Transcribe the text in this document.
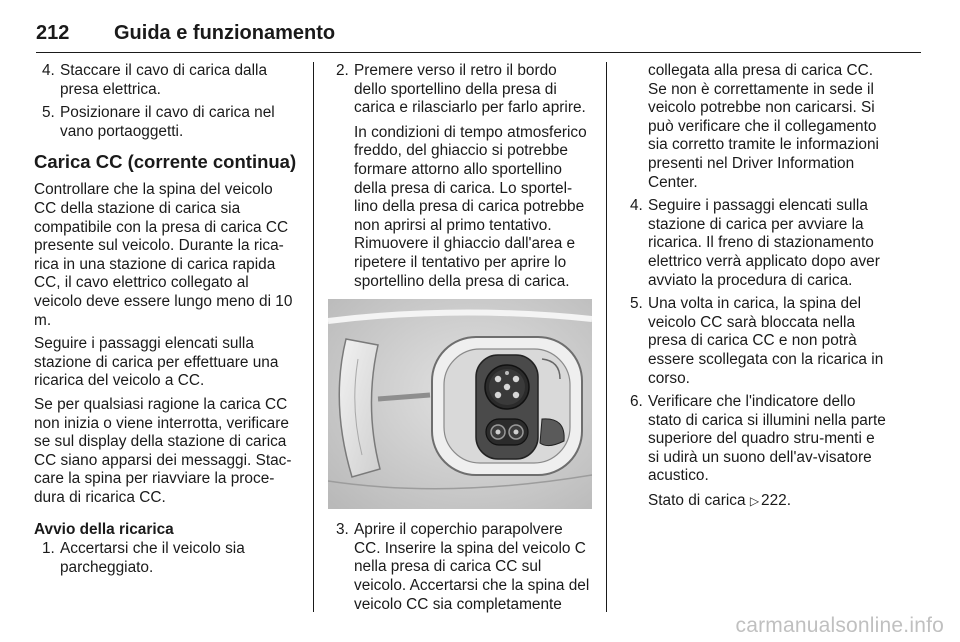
212 Guida e funzionamento
4. Staccare il cavo di carica dalla presa elettrica.
5. Posizionare il cavo di carica nel vano portaoggetti.
Carica CC (corrente continua)

Controllare che la spina del veicolo CC della stazione di carica sia compatibile con la presa di carica CC presente sul veicolo. Durante la rica-rica in una stazione di carica rapida CC, il cavo elettrico collegato al veicolo deve essere lungo meno di 10 m.

Seguire i passaggi elencati sulla stazione di carica per effettuare una ricarica del veicolo a CC.

Se per qualsiasi ragione la carica CC non inizia o viene interrotta, verificare se sul display della stazione di carica CC siano apparsi dei messaggi. Stac-care la spina per riavviare la proce-dura di ricarica CC.

Avvio della ricarica
1. Accertarsi che il veicolo sia parcheggiato.
2. Premere verso il retro il bordo dello sportellino della presa di carica e rilasciarlo per farlo aprire.
In condizioni di tempo atmosferico freddo, del ghiaccio si potrebbe formare attorno allo sportellino della presa di carica. Lo sportel-lino della presa di carica potrebbe non aprirsi al primo tentativo. Rimuovere il ghiaccio dall'area e ripetere il tentativo per aprire lo sportellino della presa di carica.
3. Aprire il coperchio parapolvere CC. Inserire la spina del veicolo C nella presa di carica CC sul veicolo. Accertarsi che la spina del veicolo CC sia completamente

collegata alla presa di carica CC. Se non è correttamente in sede il veicolo potrebbe non caricarsi. Si può verificare che il collegamento sia corretto tramite le informazioni presenti nel Driver Information Center.

4. Seguire i passaggi elencati sulla stazione di carica per avviare la ricarica. Il freno di stazionamento elettrico verrà applicato dopo aver avviato la procedura di carica.
5. Una volta in carica, la spina del veicolo CC sarà bloccata nella presa di carica CC e non potrà essere scollegata con la ricarica in corso.
6. Verificare che l'indicatore dello stato di carica si illumini nella parte superiore del quadro stru-menti e si udirà un suono dell'av-visatore acustico.
Stato di carica ▷ 222.
carmanualsonline.info
